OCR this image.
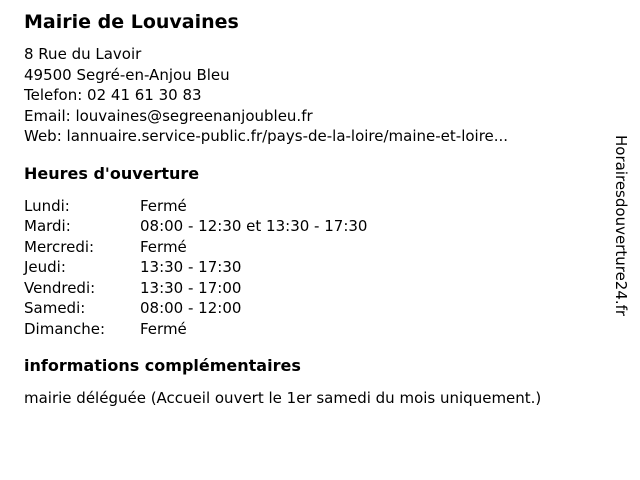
Mairie de Louvaines
8 Rue du Lavoir
49500 Segré-en-Anjou Bleu
Telefon: 02 41 61 30 83
Email: louvaines@segreenanjoubleu.fr
Web: lannuaire.service-public.fr/pays-de-la-loire/maine-et-loire...
Heures d'ouverture
Lundi:	Fermé
Mardi:	08:00 - 12:30 et 13:30 - 17:30
Mercredi:	Fermé
Jeudi:	13:30 - 17:30
Vendredi:	13:30 - 17:00
Samedi:	08:00 - 12:00
Dimanche:	Fermé
informations complémentaires
mairie déléguée (Accueil ouvert le 1er samedi du mois uniquement.)
Horairesdouverture24.fr
